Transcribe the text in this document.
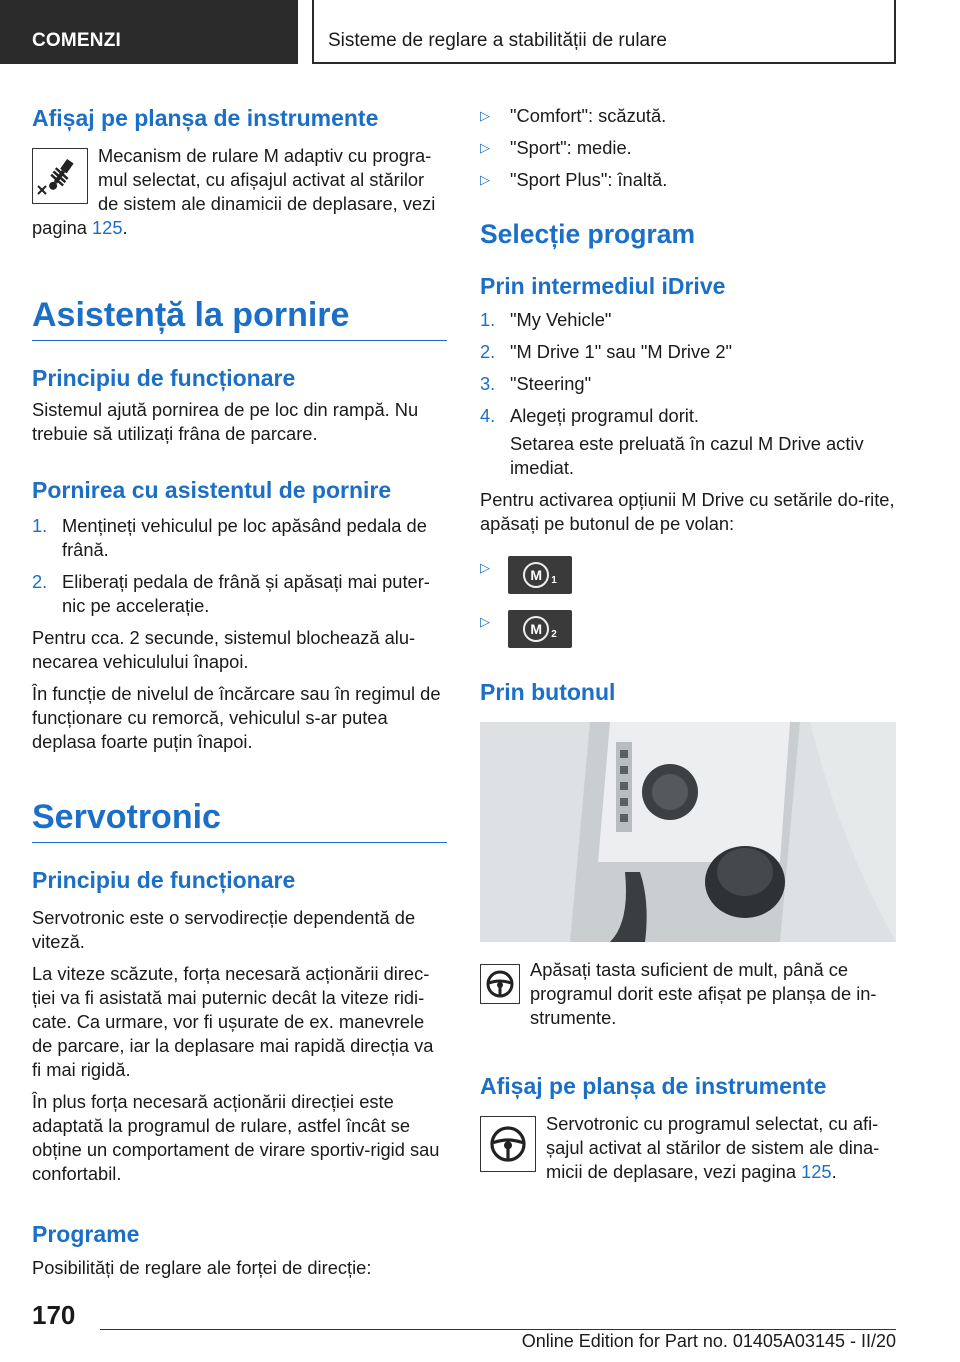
COMENZI	Sisteme de reglare a stabilității de rulare
Afișaj pe planșa de instrumente
Mecanism de rulare M adaptiv cu progra-mul selectat, cu afișajul activat al stărilor de sistem ale dinamicii de deplasare, vezi
pagina 125.
Asistență la pornire
Principiu de funcționare
Sistemul ajută pornirea de pe loc din rampă. Nu trebuie să utilizați frâna de parcare.
Pornirea cu asistentul de pornire
1. Mențineți vehiculul pe loc apăsând pedala de frână.
2. Eliberați pedala de frână și apăsați mai puter-nic pe accelerație.
Pentru cca. 2 secunde, sistemul blochează alu-necarea vehiculului înapoi.
În funcție de nivelul de încărcare sau în regimul de funcționare cu remorcă, vehiculul s-ar putea deplasa foarte puțin înapoi.
Servotronic
Principiu de funcționare
Servotronic este o servodirecție dependentă de viteză.
La viteze scăzute, forța necesară acționării direc-ției va fi asistată mai puternic decât la viteze ridi-cate. Ca urmare, vor fi ușurate de ex. manevrele de parcare, iar la deplasare mai rapidă direcția va fi mai rigidă.
În plus forța necesară acționării direcției este adaptată la programul de rulare, astfel încât se obține un comportament de virare sportiv-rigid sau confortabil.
Programe
Posibilități de reglare ale forței de direcție:
▷ "Comfort": scăzută.
▷ "Sport": medie.
▷ "Sport Plus": înaltă.
Selecție program
Prin intermediul iDrive
1. "My Vehicle"
2. "M Drive 1" sau "M Drive 2"
3. "Steering"
4. Alegeți programul dorit.
Setarea este preluată în cazul M Drive activ imediat.
Pentru activarea opțiunii M Drive cu setările do-rite, apăsați pe butonul de pe volan:
▷	M 1
▷	M 2
Prin butonul
Apăsați tasta suficient de mult, până ce programul dorit este afișat pe planșa de in-strumente.
Afișaj pe planșa de instrumente
Servotronic cu programul selectat, cu afi-șajul activat al stărilor de sistem ale dina-micii de deplasare, vezi pagina 125.
170
Online Edition for Part no. 01405A03145 - II/20
